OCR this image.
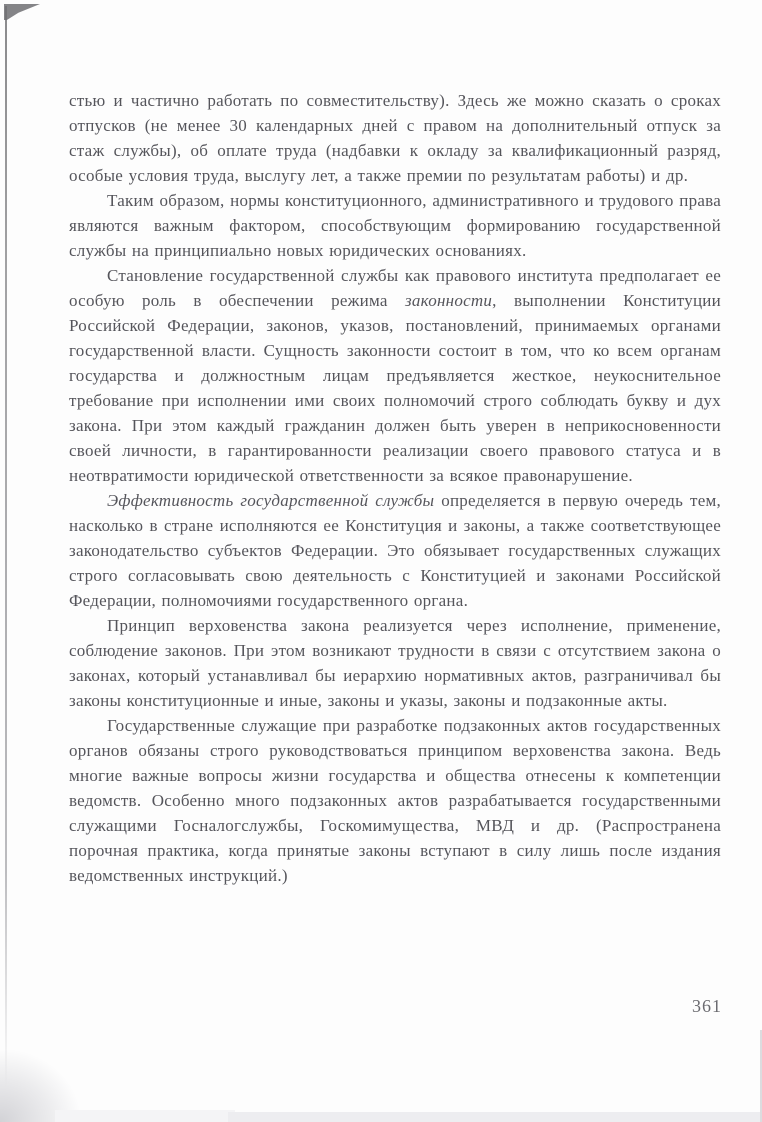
стью и частично работать по совместительству). Здесь же можно сказать о сроках отпусков (не менее 30 календарных дней с правом на дополнительный отпуск за стаж службы), об оплате труда (надбавки к окладу за квалификационный разряд, особые условия труда, выслугу лет, а также премии по результатам работы) и др.

Таким образом, нормы конституционного, административного и трудового права являются важным фактором, способствующим формированию государственной службы на принципиально новых юридических основаниях.

Становление государственной службы как правового института предполагает ее особую роль в обеспечении режима законности, выполнении Конституции Российской Федерации, законов, указов, постановлений, принимаемых органами государственной власти. Сущность законности состоит в том, что ко всем органам государства и должностным лицам предъявляется жесткое, неукоснительное требование при исполнении ими своих полномочий строго соблюдать букву и дух закона. При этом каждый гражданин должен быть уверен в неприкосновенности своей личности, в гарантированности реализации своего правового статуса и в неотвратимости юридической ответственности за всякое правонарушение.

Эффективность государственной службы определяется в первую очередь тем, насколько в стране исполняются ее Конституция и законы, а также соответствующее законодательство субъектов Федерации. Это обязывает государственных служащих строго согласовывать свою деятельность с Конституцией и законами Российской Федерации, полномочиями государственного органа.

Принцип верховенства закона реализуется через исполнение, применение, соблюдение законов. При этом возникают трудности в связи с отсутствием закона о законах, который устанавливал бы иерархию нормативных актов, разграничивал бы законы конституционные и иные, законы и указы, законы и подзаконные акты.

Государственные служащие при разработке подзаконных актов государственных органов обязаны строго руководствоваться принципом верховенства закона. Ведь многие важные вопросы жизни государства и общества отнесены к компетенции ведомств. Особенно много подзаконных актов разрабатывается государственными служащими Госналогслужбы, Госкомимущества, МВД и др. (Распространена порочная практика, когда принятые законы вступают в силу лишь после издания ведомственных инструкций.)

361
